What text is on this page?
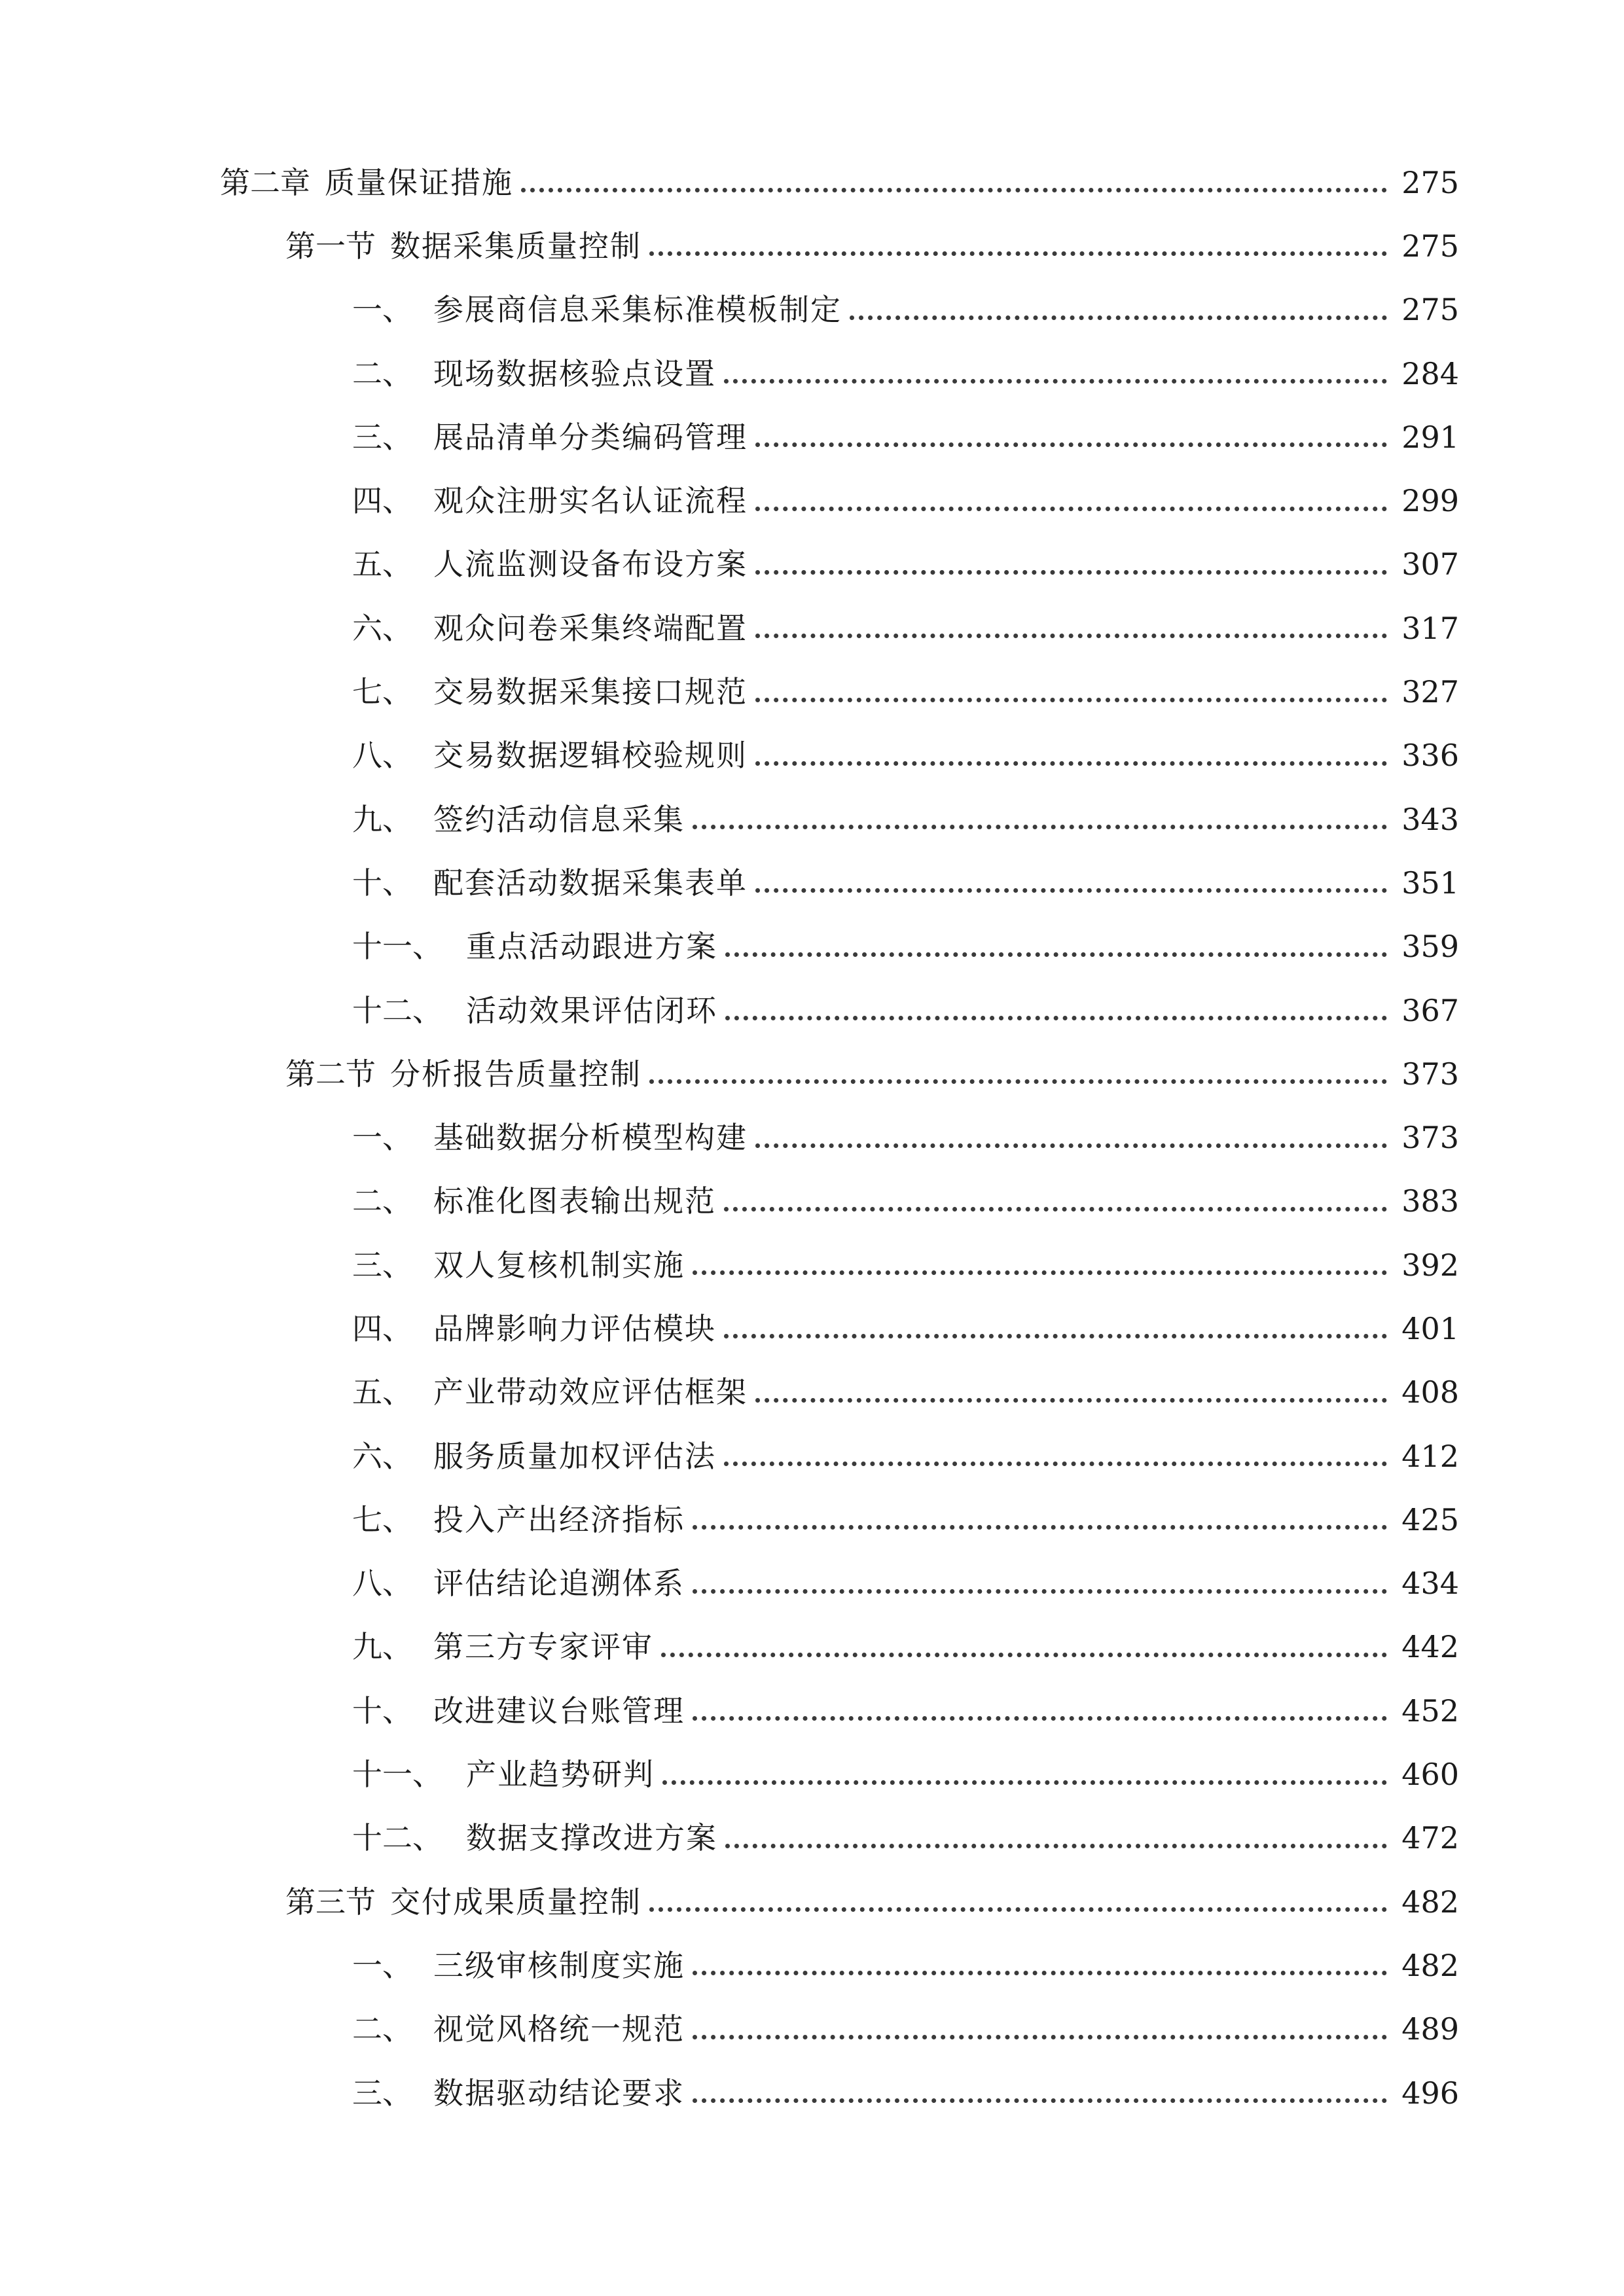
第二章 质量保证措施	275
第一节 数据采集质量控制	275
一、 参展商信息采集标准模板制定	275
二、 现场数据核验点设置	284
三、 展品清单分类编码管理	291
四、 观众注册实名认证流程	299
五、 人流监测设备布设方案	307
六、 观众问卷采集终端配置	317
七、 交易数据采集接口规范	327
八、 交易数据逻辑校验规则	336
九、 签约活动信息采集	343
十、 配套活动数据采集表单	351
十一、 重点活动跟进方案	359
十二、 活动效果评估闭环	367
第二节 分析报告质量控制	373
一、 基础数据分析模型构建	373
二、 标准化图表输出规范	383
三、 双人复核机制实施	392
四、 品牌影响力评估模块	401
五、 产业带动效应评估框架	408
六、 服务质量加权评估法	412
七、 投入产出经济指标	425
八、 评估结论追溯体系	434
九、 第三方专家评审	442
十、 改进建议台账管理	452
十一、 产业趋势研判	460
十二、 数据支撑改进方案	472
第三节 交付成果质量控制	482
一、 三级审核制度实施	482
二、 视觉风格统一规范	489
三、 数据驱动结论要求	496
